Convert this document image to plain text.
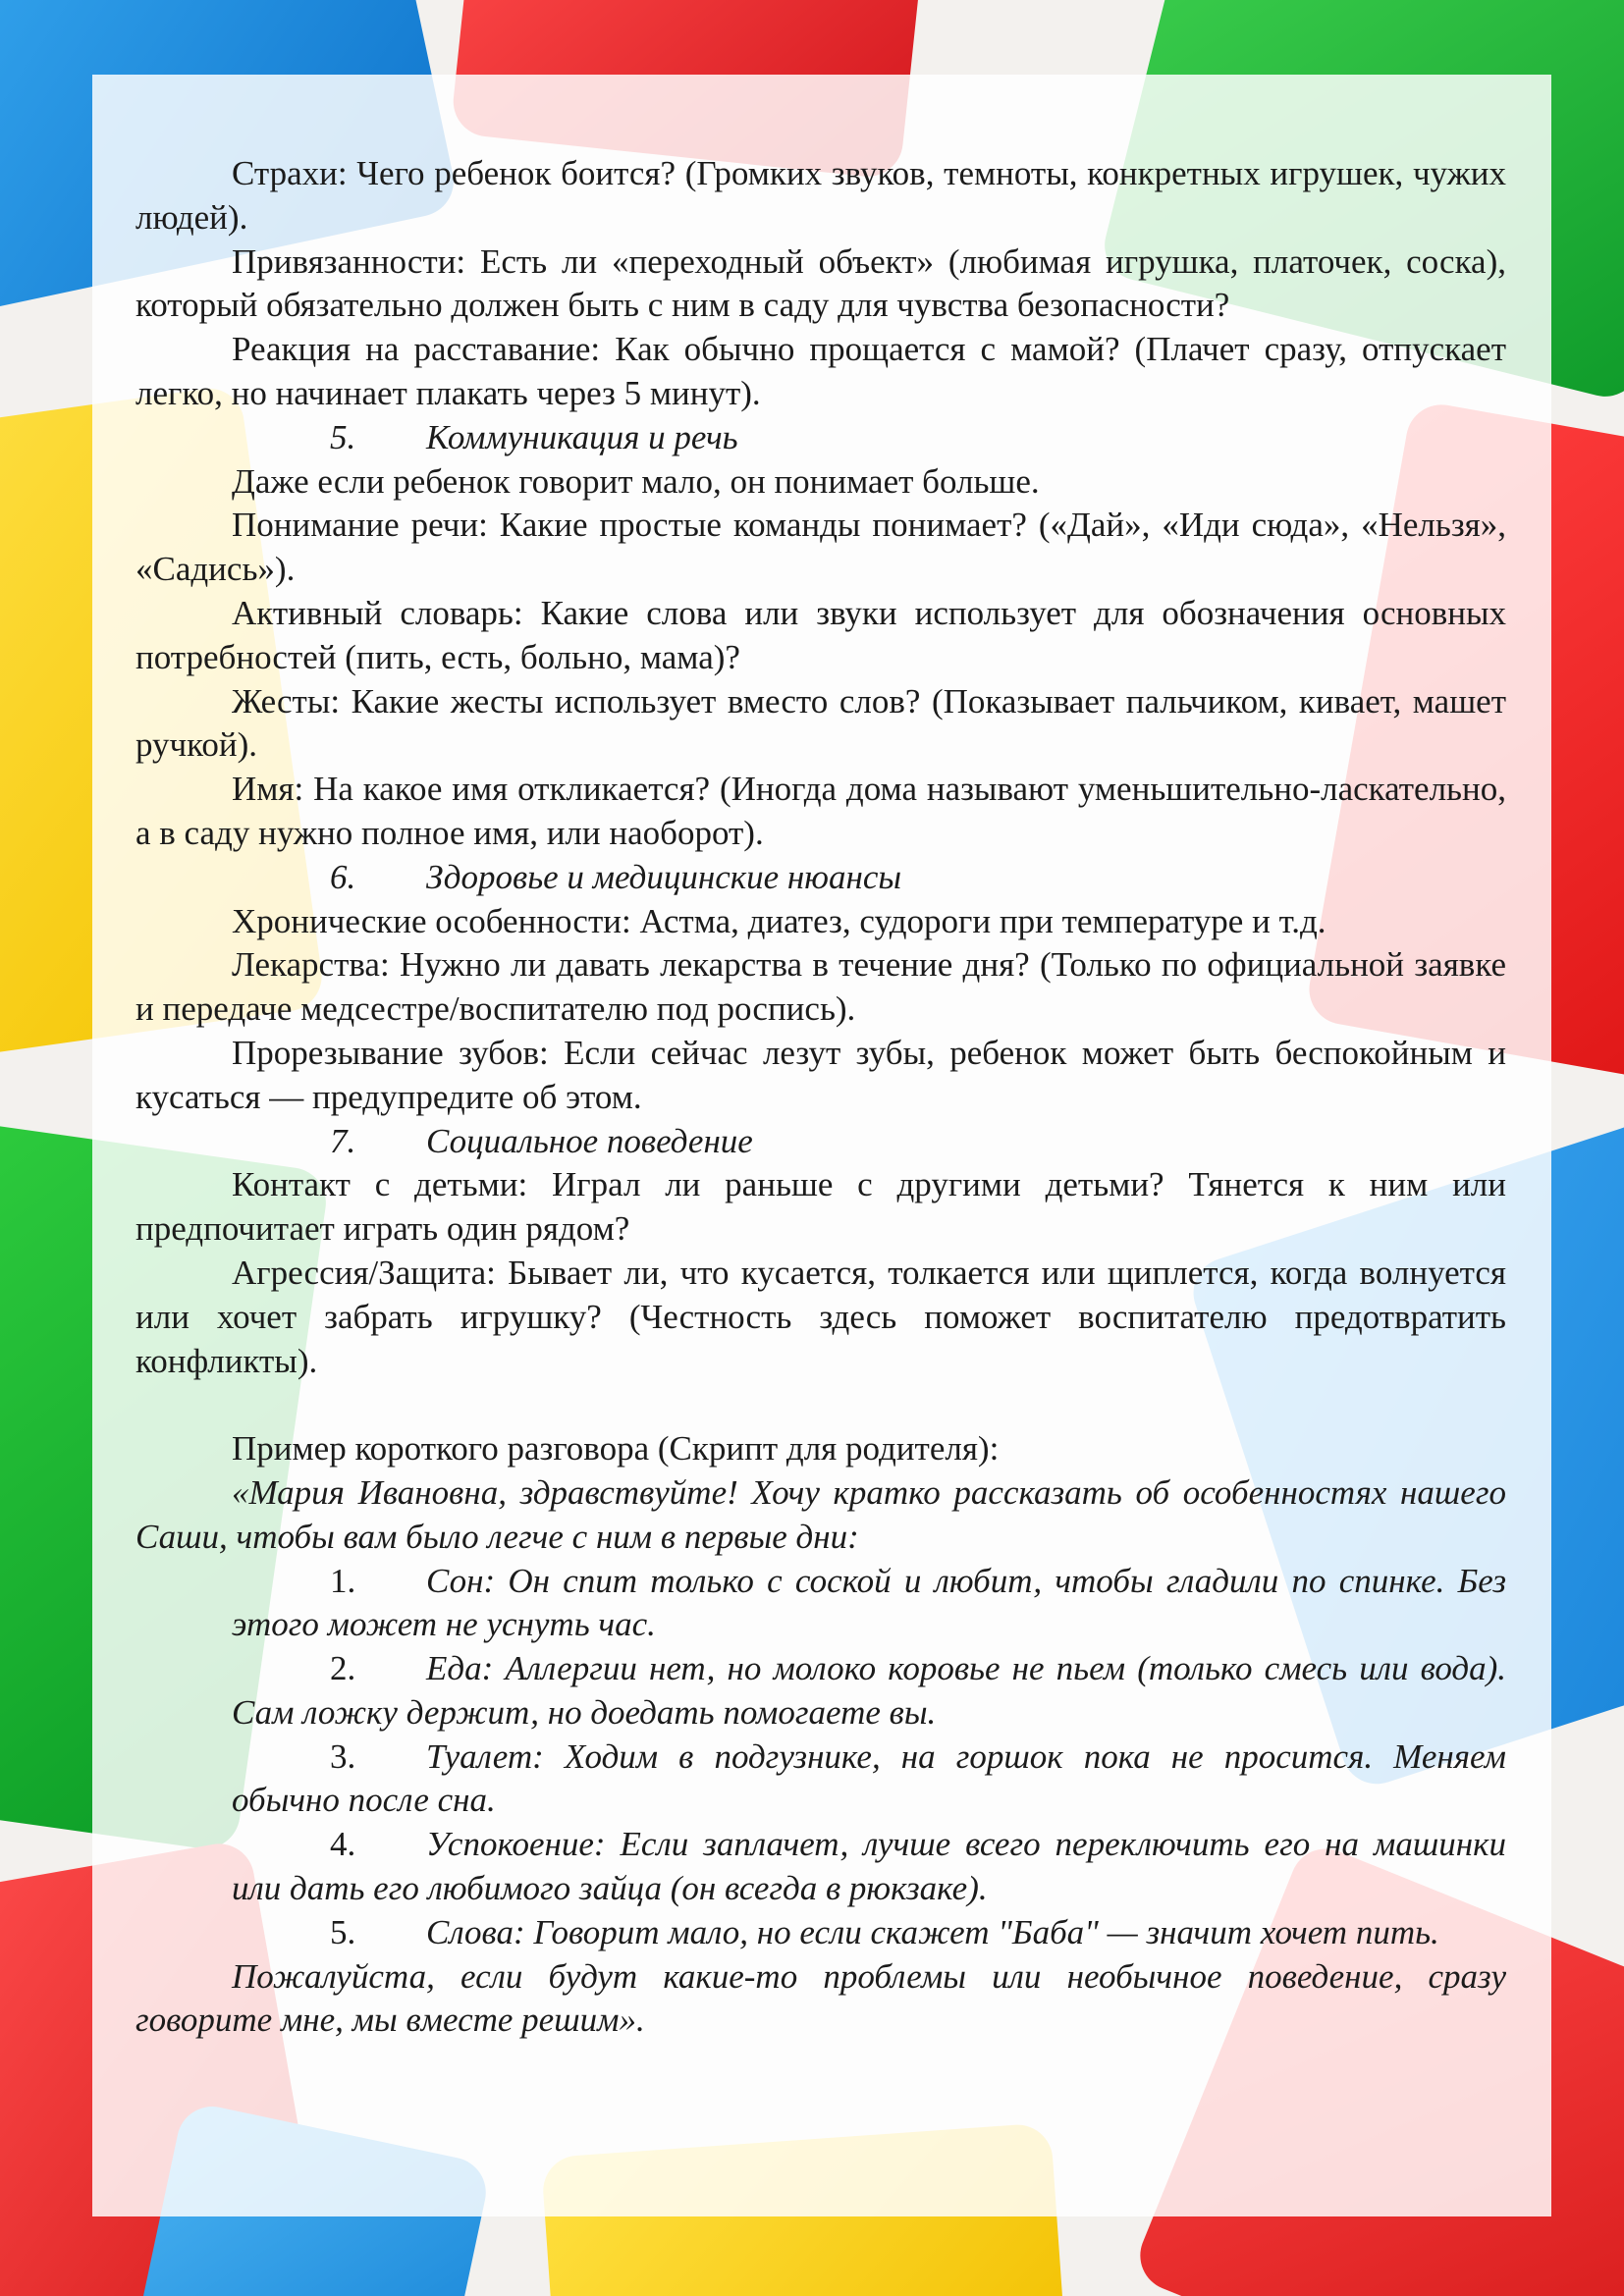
Страхи: Чего ребенок боится? (Громких звуков, темноты, конкретных игрушек, чужих людей).

Привязанности: Есть ли «переходный объект» (любимая игрушка, платочек, соска), который обязательно должен быть с ним в саду для чувства безопасности?

Реакция на расставание: Как обычно прощается с мамой? (Плачет сразу, отпускает легко, но начинает плакать через 5 минут).

5. Коммуникация и речь

Даже если ребенок говорит мало, он понимает больше.

Понимание речи: Какие простые команды понимает? («Дай», «Иди сюда», «Нельзя», «Садись»).

Активный словарь: Какие слова или звуки использует для обозначения основных потребностей (пить, есть, больно, мама)?

Жесты: Какие жесты использует вместо слов? (Показывает пальчиком, кивает, машет ручкой).

Имя: На какое имя откликается? (Иногда дома называют уменьшительно-ласкательно, а в саду нужно полное имя, или наоборот).

6. Здоровье и медицинские нюансы

Хронические особенности: Астма, диатез, судороги при температуре и т.д.

Лекарства: Нужно ли давать лекарства в течение дня? (Только по официальной заявке и передаче медсестре/воспитателю под роспись).

Прорезывание зубов: Если сейчас лезут зубы, ребенок может быть беспокойным и кусаться — предупредите об этом.

7. Социальное поведение

Контакт с детьми: Играл ли раньше с другими детьми? Тянется к ним или предпочитает играть один рядом?

Агрессия/Защита: Бывает ли, что кусается, толкается или щиплется, когда волнуется или хочет забрать игрушку? (Честность здесь поможет воспитателю предотвратить конфликты).

Пример короткого разговора (Скрипт для родителя):

«Мария Ивановна, здравствуйте! Хочу кратко рассказать об особенностях нашего Саши, чтобы вам было легче с ним в первые дни:

1. Сон: Он спит только с соской и любит, чтобы гладили по спинке. Без этого может не уснуть час.

2. Еда: Аллергии нет, но молоко коровье не пьем (только смесь или вода). Сам ложку держит, но доедать помогаете вы.

3. Туалет: Ходим в подгузнике, на горшок пока не просится. Меняем обычно после сна.

4. Успокоение: Если заплачет, лучше всего переключить его на машинки или дать его любимого зайца (он всегда в рюкзаке).

5. Слова: Говорит мало, но если скажет "Баба" — значит хочет пить.

Пожалуйста, если будут какие-то проблемы или необычное поведение, сразу говорите мне, мы вместе решим».
